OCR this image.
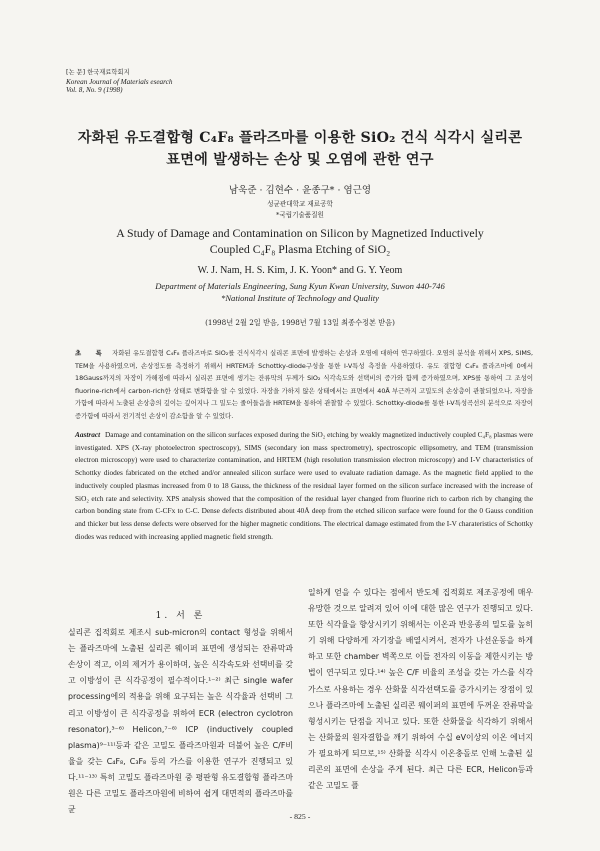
[논 문] 한국재료학회지
Korean Journal of Materials esearch
Vol. 8, No. 9 (1998)
자화된 유도결합형 C₄F₈ 플라즈마를 이용한 SiO₂ 건식 식각시 실리콘
표면에 발생하는 손상 및 오염에 관한 연구
남욱준 · 김현수 · 윤종구* · 염근영
성균관대학교 재료공학
*국립기술품질원
A Study of Damage and Contamination on Silicon by Magnetized Inductively
Coupled C₄F₈ Plasma Etching of SiO₂
W. J. Nam, H. S. Kim, J. K. Yoon* and G. Y. Yeom
Department of Materials Engineering, Sung Kyun Kwan University, Suwon 440-746
*National Institute of Technology and Quality
(1998년 2월 2일 받음, 1998년 7월 13일 최종수정본 받음)
초 록 자화된 유도결합형 C₄F₈ 플라즈마로 SiO₂를 건식식각시 실리콘 표면에 발생하는 손상과 오염에 대하여 연구하였다. 오염의 분석을 위해서 XPS, SIMS, TEM을 사용하였으며, 손상정도를 측정하기 위해서 HRTEM과 Schottky-diode구성을 통한 I-V특성 측정을 사용하였다. 유도 결합형 C₄F₈ 플라즈마에 0에서 18Gauss까지의 자장이 가해짐에 따라서 실리콘 표면에 생기는 잔류막의 두께가 SiO₂ 식각속도와 선택비의 증가와 함께 증가하였으며, XPS를 통하여 그 조성이 fluorine-rich에서 carbon-rich한 상태로 변화함을 알 수 있었다. 자장을 가하지 않은 상태에서는 표면에서 40Å 부근까지 고밀도의 손상층이 관찰되었으나, 자장을 가함에 따라서 노출된 손상층의 깊이는 깊어지나 그 밀도는 줄어들음을 HRTEM을 통하여 관찰할 수 있었다. Schottky-diode를 통한 I-V특성곡선의 분석으로 자장이 증가함에 따라서 전기적인 손상이 감소함을 알 수 있었다.
Aastract Damage and contamination on the silicon surfaces exposed during the SiO₂ etching by weakly magnetized inductively coupled C₄F₈ plasmas were investigated. XPS (X-ray photoelectron spectroscopy), SIMS (secondary ion mass spectrometry), spectroscopic ellipsometry, and TEM (transmission electron microscopy) were used to characterize contamination, and HRTEM (high resolution transmission electron microscopy) and I-V characteristics of Schottky diodes fabricated on the etched and/or annealed silicon surface were used to evaluate radiation damage. As the magnetic field applied to the inductively coupled plasmas increased from 0 to 18 Gauss, the thickness of the residual layer formed on the silicon surface increased with the increase of SiO₂ etch rate and selectivity. XPS analysis showed that the composition of the residual layer changed from fluorine rich to carbon rich by changing the carbon bonding state from C-CFx to C-C. Dense defects distributed about 40Å deep from the etched silicon surface were found for the 0 Gauss condition and thicker but less dense defects were observed for the higher magnetic conditions. The electrical damage estimated from the I-V charateristics of Schottky diodes was reduced with increasing applied magnetic field strength.
1. 서 론
실리콘 집적회로 제조시 sub-micron의 contact 형성을 위해서는 플라즈마에 노출된 실리콘 웨이퍼 표면에 생성되는 잔류막과 손상이 적고, 이의 제거가 용이하며, 높은 식각속도와 선택비를 갖고 이방성이 큰 식각공정이 필수적이다.¹⁻²⁾ 최근 single wafer processing에의 적용을 위해 요구되는 높은 식각율과 선택비 그리고 이방성이 큰 식각공정을 위하여 ECR (electron cyclotron resonator),³⁻⁶⁾ Helicon,⁷⁻⁸⁾ ICP (inductively coupled plasma)⁹⁻¹¹⁾등과 같은 고밀도 플라즈마원과 더불어 높은 C/F비율을 갖는 C₄F₈, C₃F₈ 등의 가스를 이용한 연구가 진행되고 있다.¹¹⁻¹³⁾ 특히 고밀도 플라즈마원 중 평판형 유도결합형 플라즈마원은 다른 고밀도 플라즈마원에 비하여 쉽게 대면적의 플라즈마를 균
일하게 얻을 수 있다는 점에서 반도체 집적회로 제조공정에 매우 유망한 것으로 알려져 있어 이에 대한 많은 연구가 진행되고 있다. 또한 식각율을 향상시키기 위해서는 이온과 반응종의 밀도를 높히기 위해 다양하게 자기장을 배열시켜서, 전자가 나선운동을 하게 하고 또한 chamber 벽쪽으로 이들 전자의 이동을 제한시키는 방법이 연구되고 있다.¹⁴⁾ 높은 C/F 비율의 조성을 갖는 가스를 식각가스로 사용하는 경우 산화물 식각선택도를 증가시키는 장점이 있으나 플라즈마에 노출된 실리콘 웨이퍼의 표면에 두꺼운 잔류막을 형성시키는 단점을 지니고 있다. 또한 산화물을 식각하기 위해서는 산화물의 원자결합을 깨기 위하여 수십 eV이상의 이온 에너지가 필요하게 되므로,¹⁵⁾ 산화물 식각시 이온충돌로 인해 노출된 실리콘의 표면에 손상을 주게 된다. 최근 다른 ECR, Helicon등과 같은 고밀도 플
- 825 -
